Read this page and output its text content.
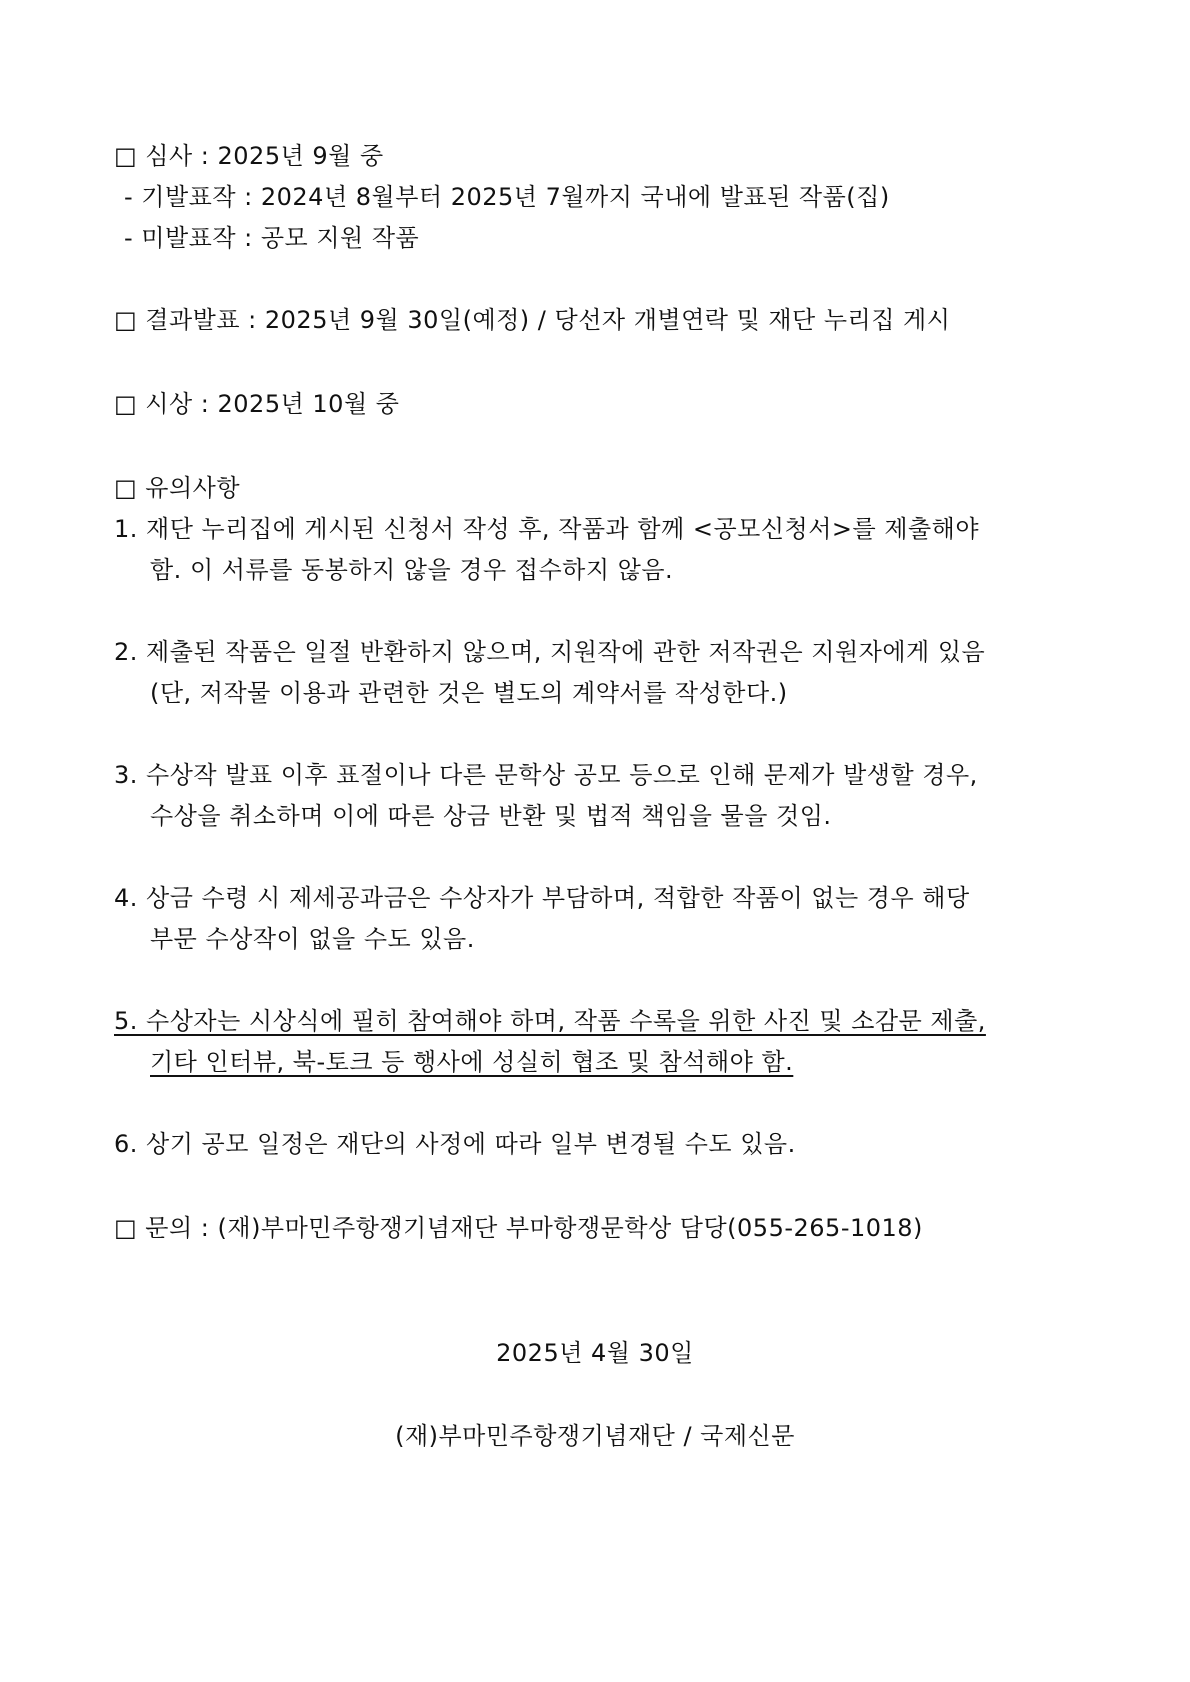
□ 심사 : 2025년 9월 중
- 기발표작 : 2024년 8월부터 2025년 7월까지 국내에 발표된 작품(집)
- 미발표작 : 공모 지원 작품
□ 결과발표 : 2025년 9월 30일(예정) / 당선자 개별연락 및 재단 누리집 게시
□ 시상 : 2025년 10월 중
□ 유의사항
1. 재단 누리집에 게시된 신청서 작성 후, 작품과 함께 <공모신청서>를 제출해야
함. 이 서류를 동봉하지 않을 경우 접수하지 않음.
2. 제출된 작품은 일절 반환하지 않으며, 지원작에 관한 저작권은 지원자에게 있음
(단, 저작물 이용과 관련한 것은 별도의 계약서를 작성한다.)
3. 수상작 발표 이후 표절이나 다른 문학상 공모 등으로 인해 문제가 발생할 경우,
수상을 취소하며 이에 따른 상금 반환 및 법적 책임을 물을 것임.
4. 상금 수령 시 제세공과금은 수상자가 부담하며, 적합한 작품이 없는 경우 해당
부문 수상작이 없을 수도 있음.
5. 수상자는 시상식에 필히 참여해야 하며, 작품 수록을 위한 사진 및 소감문 제출,
기타 인터뷰, 북-토크 등 행사에 성실히 협조 및 참석해야 함.
6. 상기 공모 일정은 재단의 사정에 따라 일부 변경될 수도 있음.
□ 문의 : (재)부마민주항쟁기념재단 부마항쟁문학상 담당(055-265-1018)
2025년 4월 30일
(재)부마민주항쟁기념재단 / 국제신문
